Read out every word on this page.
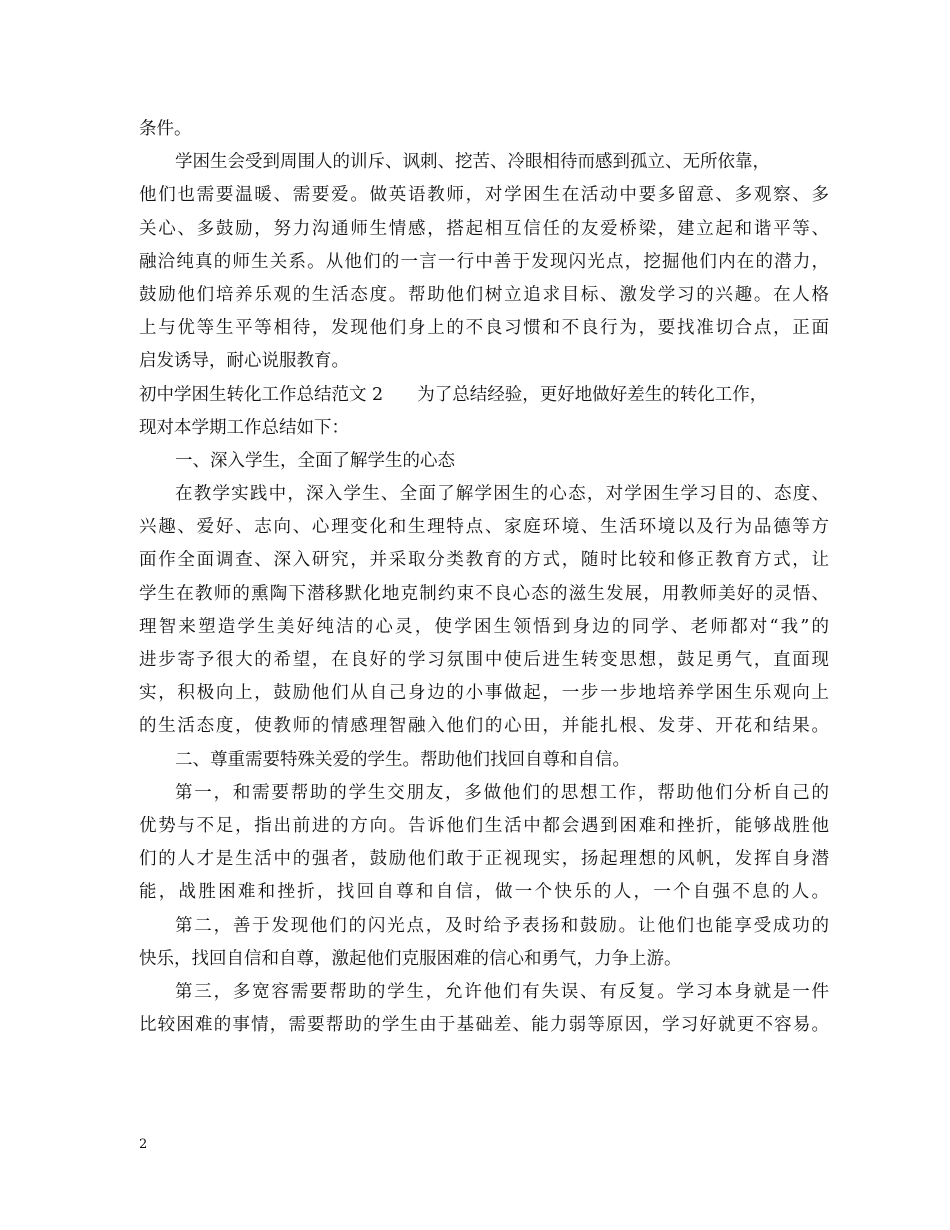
条件。
学困生会受到周围人的训斥、讽刺、挖苦、冷眼相待而感到孤立、无所依靠，
他们也需要温暖、需要爱。做英语教师，对学困生在活动中要多留意、多观察、多
关心、多鼓励，努力沟通师生情感，搭起相互信任的友爱桥梁，建立起和谐平等、
融洽纯真的师生关系。从他们的一言一行中善于发现闪光点，挖掘他们内在的潜力，
鼓励他们培养乐观的生活态度。帮助他们树立追求目标、激发学习的兴趣。在人格
上与优等生平等相待，发现他们身上的不良习惯和不良行为，要找准切合点，正面
启发诱导，耐心说服教育。
初中学困生转化工作总结范文 2 为了总结经验，更好地做好差生的转化工作，
现对本学期工作总结如下：
一、深入学生，全面了解学生的心态
在教学实践中，深入学生、全面了解学困生的心态，对学困生学习目的、态度、
兴趣、爱好、志向、心理变化和生理特点、家庭环境、生活环境以及行为品德等方
面作全面调查、深入研究，并采取分类教育的方式，随时比较和修正教育方式，让
学生在教师的熏陶下潜移默化地克制约束不良心态的滋生发展，用教师美好的灵悟、
理智来塑造学生美好纯洁的心灵，使学困生领悟到身边的同学、老师都对“我”的
进步寄予很大的希望，在良好的学习氛围中使后进生转变思想，鼓足勇气，直面现
实，积极向上，鼓励他们从自己身边的小事做起，一步一步地培养学困生乐观向上
的生活态度，使教师的情感理智融入他们的心田，并能扎根、发芽、开花和结果。
二、尊重需要特殊关爱的学生。帮助他们找回自尊和自信。
第一，和需要帮助的学生交朋友，多做他们的思想工作，帮助他们分析自己的
优势与不足，指出前进的方向。告诉他们生活中都会遇到困难和挫折，能够战胜他
们的人才是生活中的强者，鼓励他们敢于正视现实，扬起理想的风帆，发挥自身潜
能，战胜困难和挫折，找回自尊和自信，做一个快乐的人，一个自强不息的人。
第二，善于发现他们的闪光点，及时给予表扬和鼓励。让他们也能享受成功的
快乐，找回自信和自尊，激起他们克服困难的信心和勇气，力争上游。
第三，多宽容需要帮助的学生，允许他们有失误、有反复。学习本身就是一件
比较困难的事情，需要帮助的学生由于基础差、能力弱等原因，学习好就更不容易。
2
